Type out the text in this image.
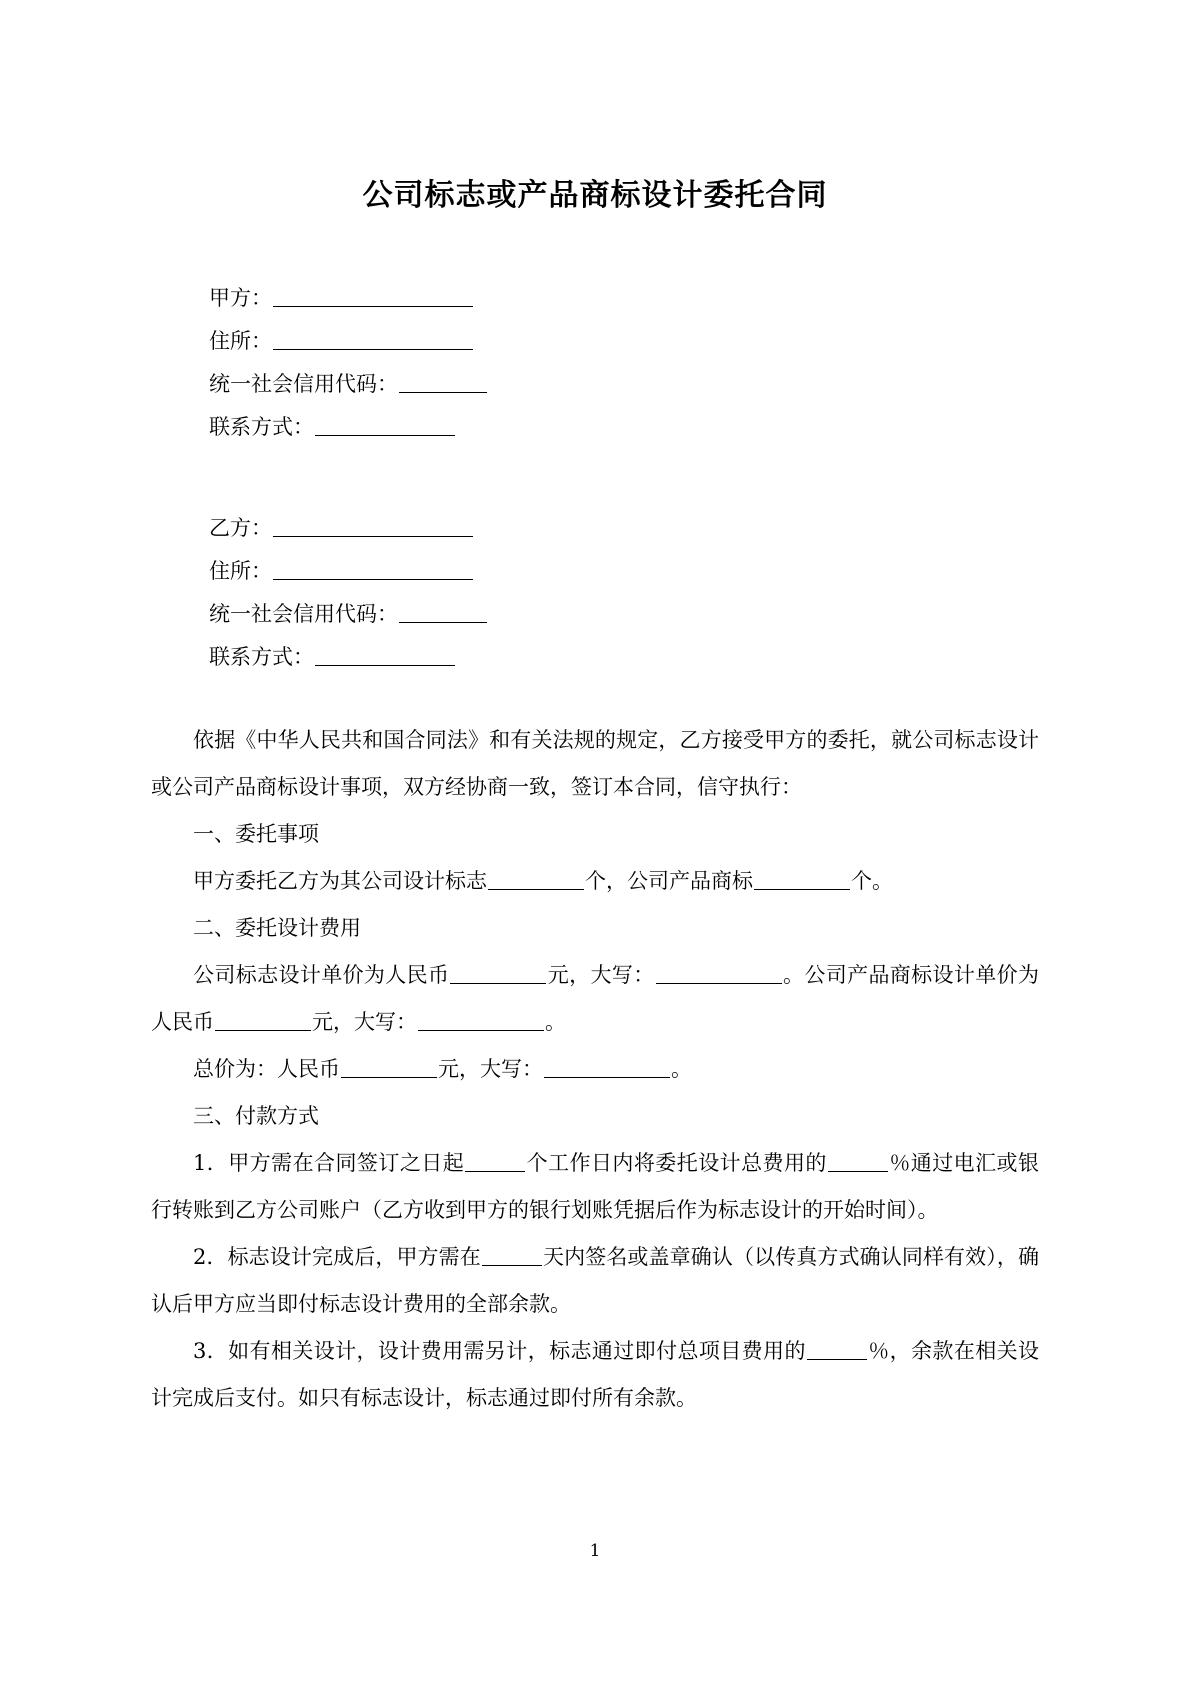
公司标志或产品商标设计委托合同
甲方：
住所：
统一社会信用代码：
联系方式：
乙方：
住所：
统一社会信用代码：
联系方式：

依据《中华人民共和国合同法》和有关法规的规定，乙方接受甲方的委托，就公司标志设计或公司产品商标设计事项，双方经协商一致，签订本合同，信守执行：

一、委托事项

甲方委托乙方为其公司设计标志	个，公司产品商标	个。

二、委托设计费用

公司标志设计单价为人民币	元，大写：	。公司产品商标设计单价为人民币	元，大写：	。

总价为：人民币	元，大写：	。

三、付款方式

1．甲方需在合同签订之日起	个工作日内将委托设计总费用的	％通过电汇或银行转账到乙方公司账户（乙方收到甲方的银行划账凭据后作为标志设计的开始时间）。

2．标志设计完成后，甲方需在	天内签名或盖章确认（以传真方式确认同样有效），确认后甲方应当即付标志设计费用的全部余款。

3．如有相关设计，设计费用需另计，标志通过即付总项目费用的	％，余款在相关设计完成后支付。如只有标志设计，标志通过即付所有余款。

1
